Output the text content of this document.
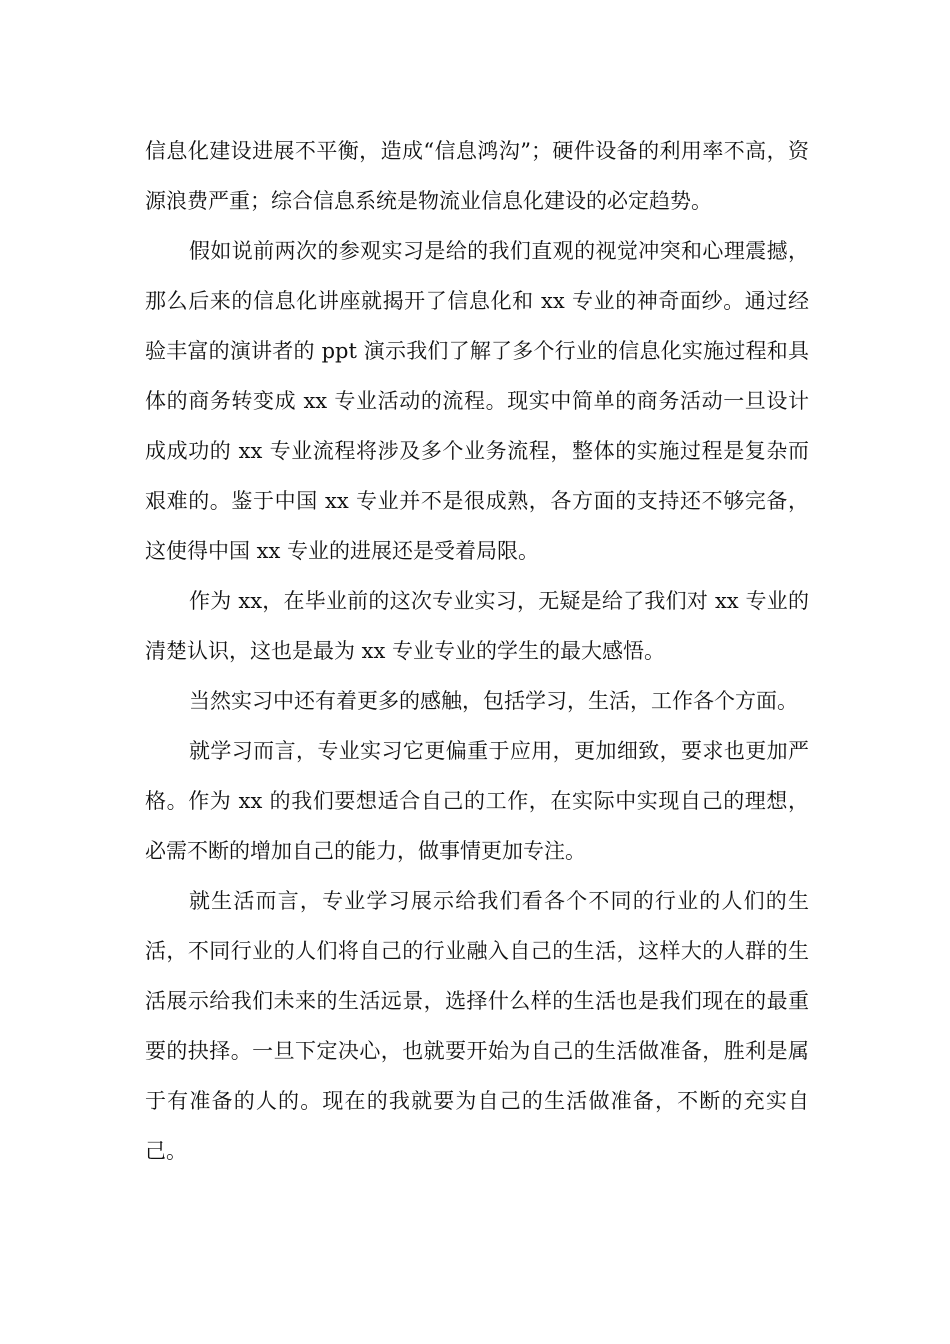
信息化建设进展不平衡，造成“信息鸿沟”；硬件设备的利用率不高，资源浪费严重；综合信息系统是物流业信息化建设的必定趋势。

假如说前两次的参观实习是给的我们直观的视觉冲突和心理震撼，那么后来的信息化讲座就揭开了信息化和 xx 专业的神奇面纱。通过经验丰富的演讲者的 ppt 演示我们了解了多个行业的信息化实施过程和具体的商务转变成 xx 专业活动的流程。现实中简单的商务活动一旦设计成成功的 xx 专业流程将涉及多个业务流程，整体的实施过程是复杂而艰难的。鉴于中国 xx 专业并不是很成熟，各方面的支持还不够完备，这使得中国 xx 专业的进展还是受着局限。

作为 xx，在毕业前的这次专业实习，无疑是给了我们对 xx 专业的清楚认识，这也是最为 xx 专业专业的学生的最大感悟。

当然实习中还有着更多的感触，包括学习，生活，工作各个方面。

就学习而言，专业实习它更偏重于应用，更加细致，要求也更加严格。作为 xx 的我们要想适合自己的工作，在实际中实现自己的理想，必需不断的增加自己的能力，做事情更加专注。

就生活而言，专业学习展示给我们看各个不同的行业的人们的生活，不同行业的人们将自己的行业融入自己的生活，这样大的人群的生活展示给我们未来的生活远景，选择什么样的生活也是我们现在的最重要的抉择。一旦下定决心，也就要开始为自己的生活做准备，胜利是属于有准备的人的。现在的我就要为自己的生活做准备，不断的充实自己。
